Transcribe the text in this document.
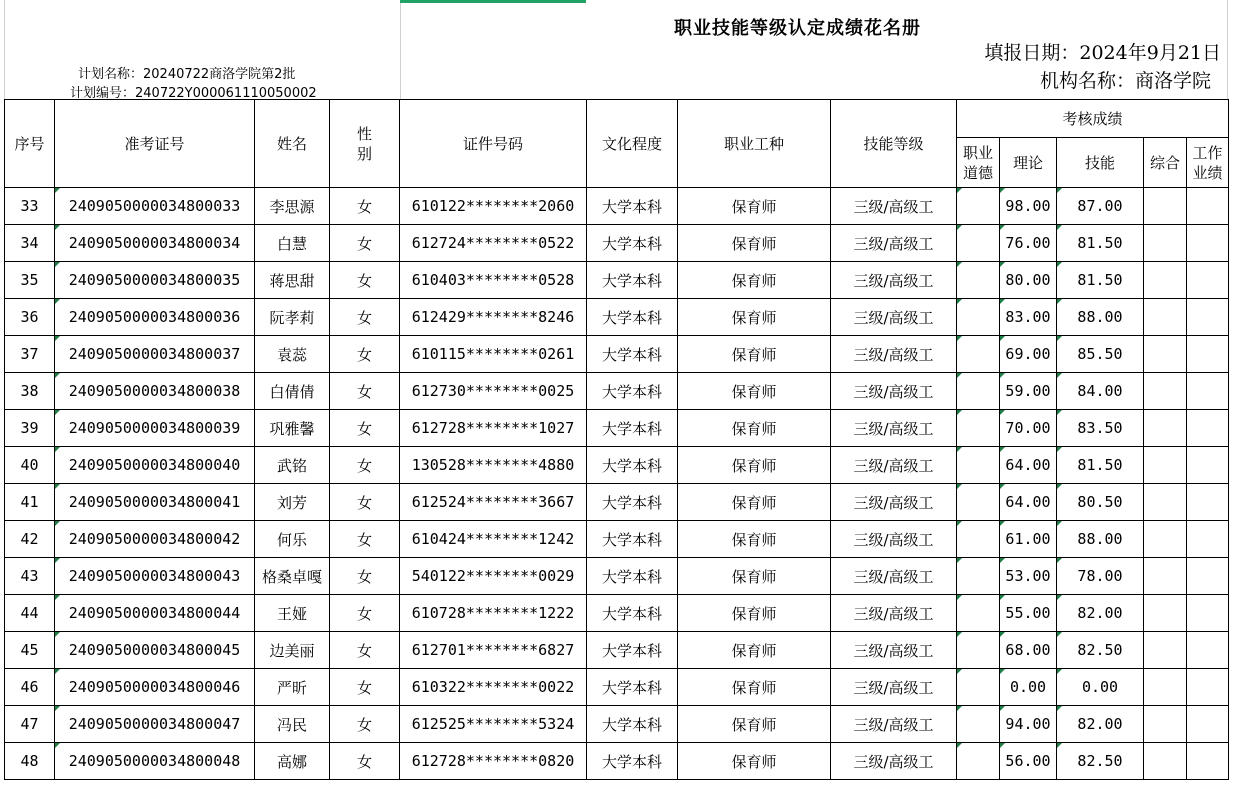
计划名称：20240722商洛学院第2批
计划编号：240722Y000061110050002
职业技能等级认定成绩花名册
填报日期：2024年9月21日
机构名称：商洛学院
序号	准考证号	姓名	性别	证件号码	文化程度	职业工种	技能等级	考核成绩				

								职业道德	理论	技能	综合	工作业绩

33	2409050000034800033	李思源	女	610122********2060	大学本科	保育师	三级/高级工		98.00	87.00

34	2409050000034800034	白慧	女	612724********0522	大学本科	保育师	三级/高级工		76.00	81.50

35	2409050000034800035	蒋思甜	女	610403********0528	大学本科	保育师	三级/高级工		80.00	81.50

36	2409050000034800036	阮孝莉	女	612429********8246	大学本科	保育师	三级/高级工		83.00	88.00

37	2409050000034800037	袁蕊	女	610115********0261	大学本科	保育师	三级/高级工		69.00	85.50

38	2409050000034800038	白倩倩	女	612730********0025	大学本科	保育师	三级/高级工		59.00	84.00

39	2409050000034800039	巩雅馨	女	612728********1027	大学本科	保育师	三级/高级工		70.00	83.50

40	2409050000034800040	武铭	女	130528********4880	大学本科	保育师	三级/高级工		64.00	81.50

41	2409050000034800041	刘芳	女	612524********3667	大学本科	保育师	三级/高级工		64.00	80.50

42	2409050000034800042	何乐	女	610424********1242	大学本科	保育师	三级/高级工		61.00	88.00

43	2409050000034800043	格桑卓嘎	女	540122********0029	大学本科	保育师	三级/高级工		53.00	78.00

44	2409050000034800044	王娅	女	610728********1222	大学本科	保育师	三级/高级工		55.00	82.00

45	2409050000034800045	边美丽	女	612701********6827	大学本科	保育师	三级/高级工		68.00	82.50

46	2409050000034800046	严昕	女	610322********0022	大学本科	保育师	三级/高级工		0.00	0.00

47	2409050000034800047	冯民	女	612525********5324	大学本科	保育师	三级/高级工		94.00	82.00

48	2409050000034800048	高娜	女	612728********0820	大学本科	保育师	三级/高级工		56.00	82.50
